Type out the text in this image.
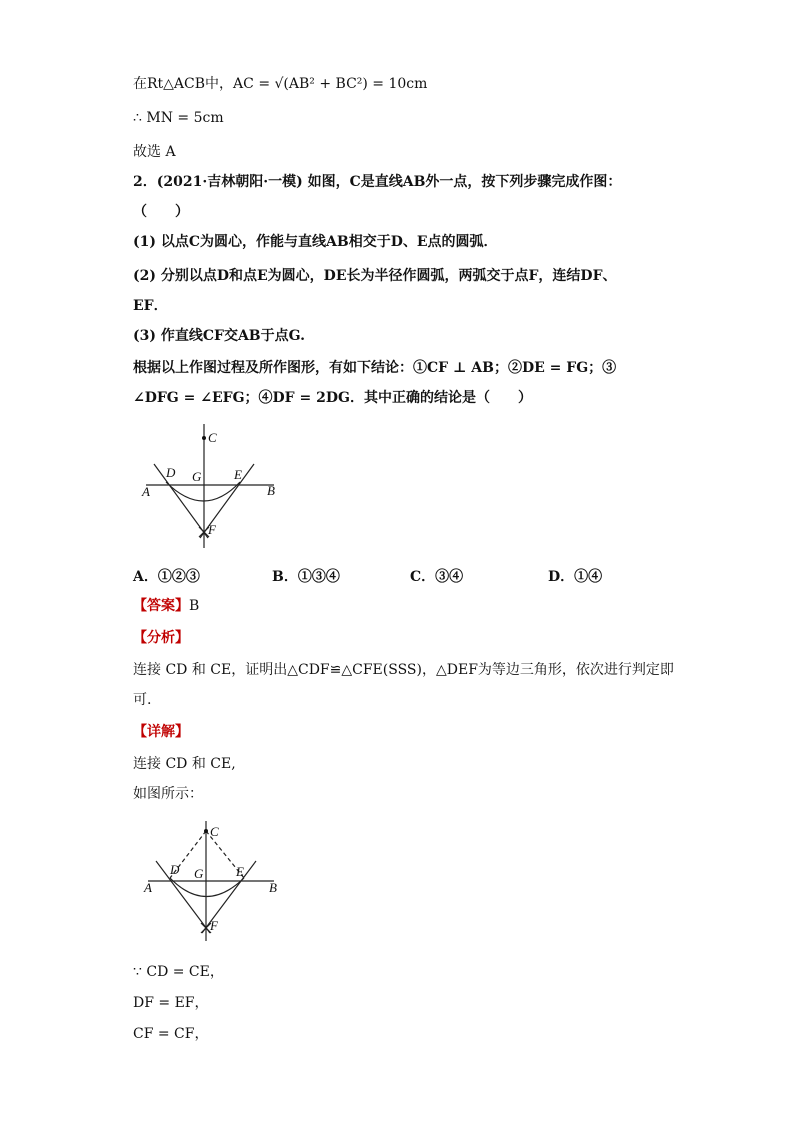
在Rt△ACB中，AC = √(AB² + BC²) = 10cm
∴ MN = 5cm
故选 A
2．(2021·吉林朝阳·一模) 如图，C是直线AB外一点，按下列步骤完成作图：
（　　）
(1) 以点C为圆心，作能与直线AB相交于D、E点的圆弧．
(2) 分别以点D和点E为圆心，DE长为半径作圆弧，两弧交于点F，连结DF、
EF．
(3) 作直线CF交AB于点G.
根据以上作图过程及所作图形，有如下结论：①CF ⊥ AB；②DE = FG；③
∠DFG = ∠EFG；④DF = 2DG．其中正确的结论是（　　）
C
D G	E
A	B
F
A．①②③	B．①③④	C．③④	D．①④
【答案】B
【分析】
连接 CD 和 CE，证明出△CDF≌△CFE(SSS)，△DEF为等边三角形，依次进行判定即
可.
【详解】
连接 CD 和 CE,
如图所示：
C
D G	E
A	B
F
∵ CD = CE，
DF = EF，
CF = CF，
